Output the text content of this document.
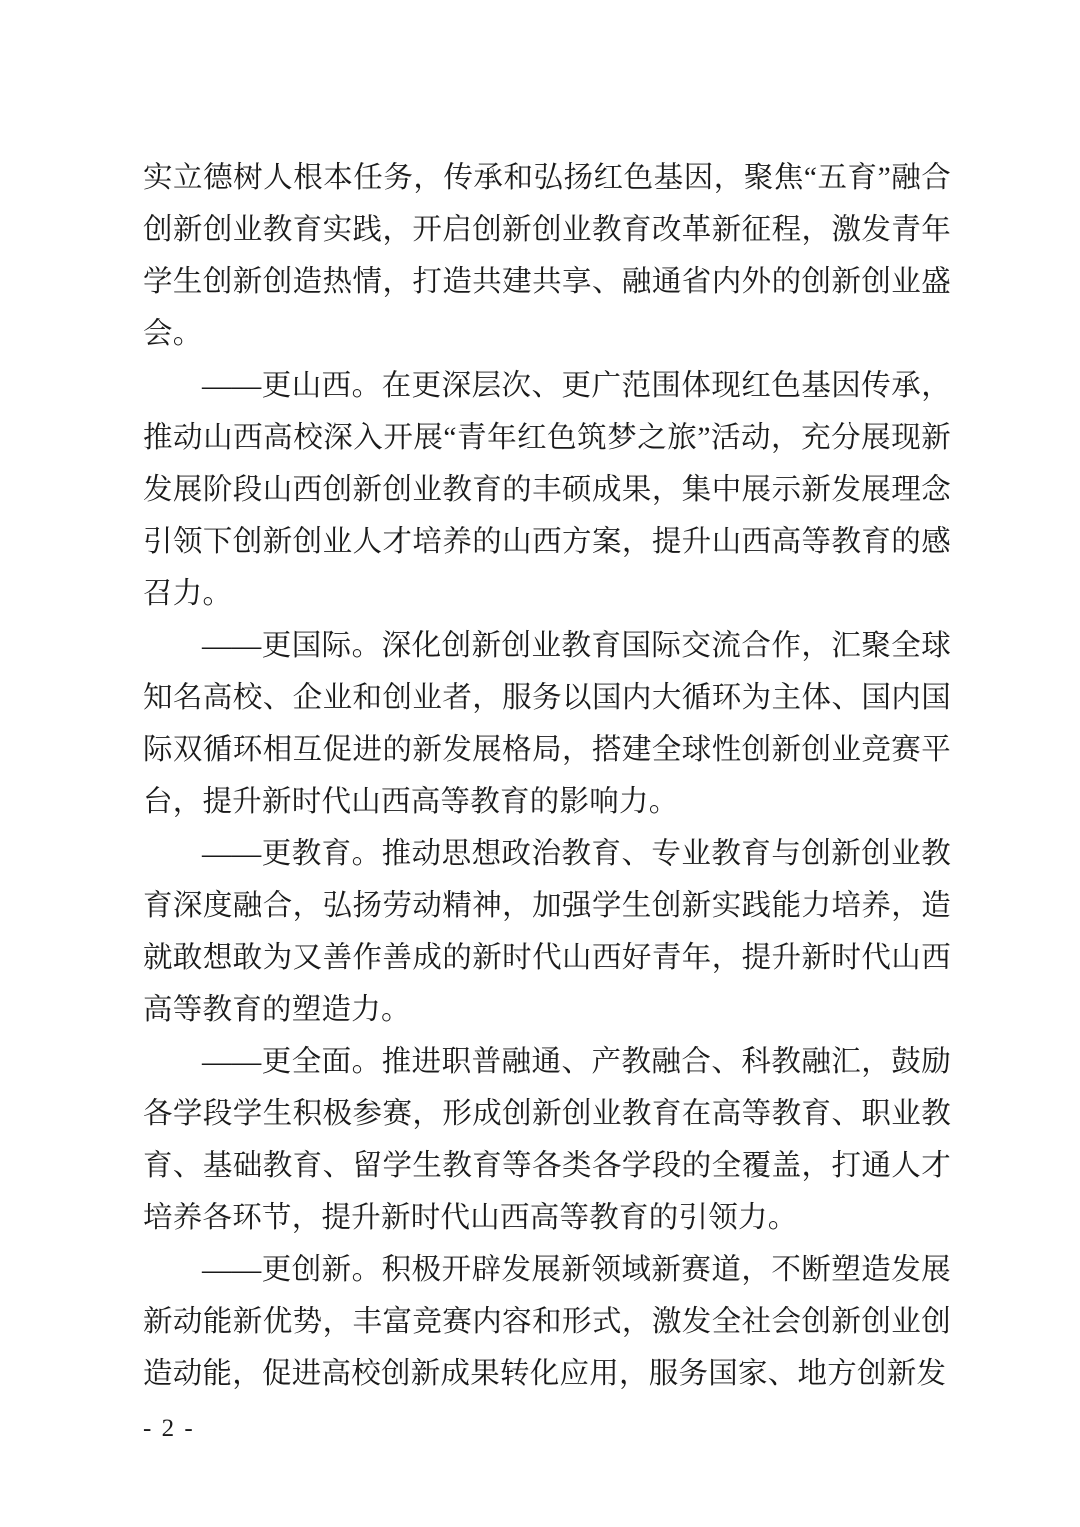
实立德树人根本任务，传承和弘扬红色基因，聚焦“五育”融合创新创业教育实践，开启创新创业教育改革新征程，激发青年学生创新创造热情，打造共建共享、融通省内外的创新创业盛会。

——更山西。在更深层次、更广范围体现红色基因传承，推动山西高校深入开展“青年红色筑梦之旅”活动，充分展现新发展阶段山西创新创业教育的丰硕成果，集中展示新发展理念引领下创新创业人才培养的山西方案，提升山西高等教育的感召力。

——更国际。深化创新创业教育国际交流合作，汇聚全球知名高校、企业和创业者，服务以国内大循环为主体、国内国际双循环相互促进的新发展格局，搭建全球性创新创业竞赛平台，提升新时代山西高等教育的影响力。

——更教育。推动思想政治教育、专业教育与创新创业教育深度融合，弘扬劳动精神，加强学生创新实践能力培养，造就敢想敢为又善作善成的新时代山西好青年，提升新时代山西高等教育的塑造力。

——更全面。推进职普融通、产教融合、科教融汇，鼓励各学段学生积极参赛，形成创新创业教育在高等教育、职业教育、基础教育、留学生教育等各类各学段的全覆盖，打通人才培养各环节，提升新时代山西高等教育的引领力。

——更创新。积极开辟发展新领域新赛道，不断塑造发展新动能新优势，丰富竞赛内容和形式，激发全社会创新创业创造动能，促进高校创新成果转化应用，服务国家、地方创新发

- 2 -
